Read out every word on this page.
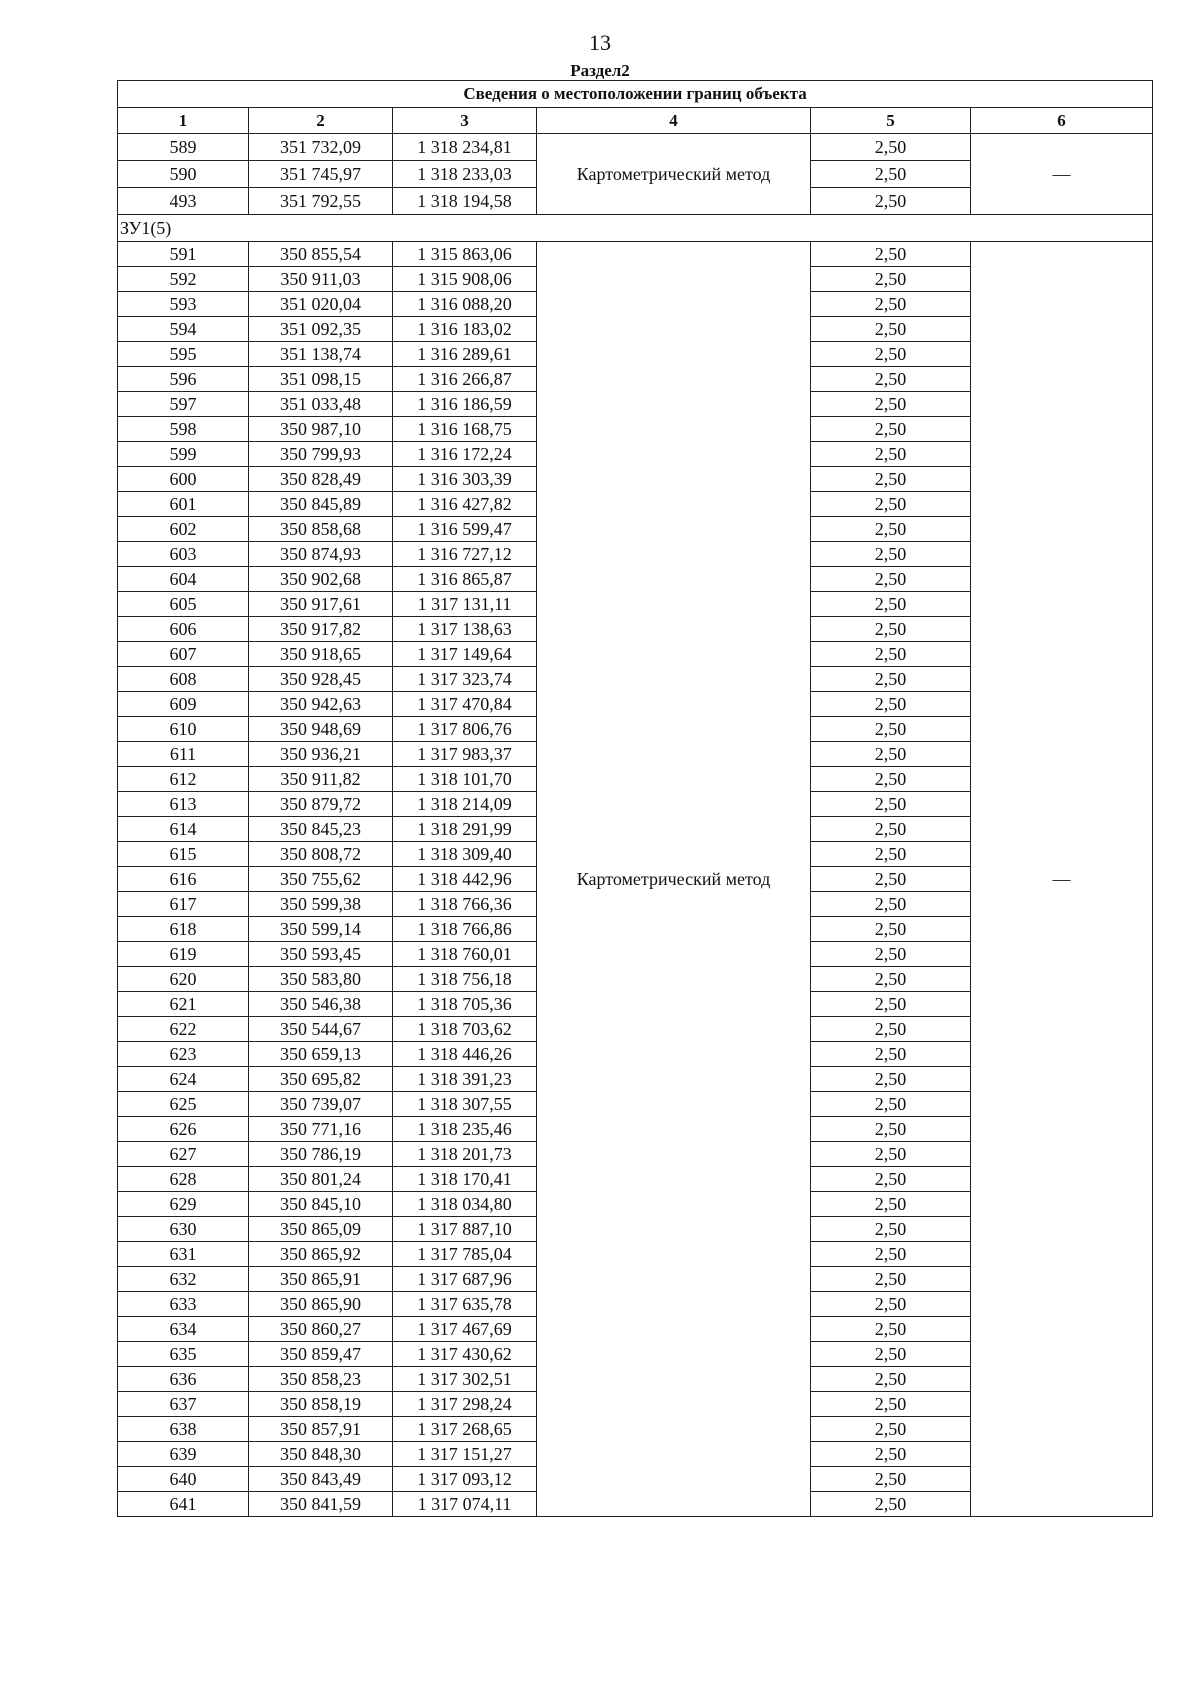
13
Раздел2
Сведения о местоположении границ объекта					
1	2	3	4	5	6
589	351 732,09	1 318 234,81	Картометрический метод	2,50	—
590	351 745,97	1 318 233,03		2,50	
493	351 792,55	1 318 194,58		2,50	
ЗУ1(5)					
591	350 855,54	1 315 863,06	Картометрический метод	2,50	—
592	350 911,03	1 315 908,06		2,50	
593	351 020,04	1 316 088,20		2,50	
594	351 092,35	1 316 183,02		2,50	
595	351 138,74	1 316 289,61		2,50	
596	351 098,15	1 316 266,87		2,50	
597	351 033,48	1 316 186,59		2,50	
598	350 987,10	1 316 168,75		2,50	
599	350 799,93	1 316 172,24		2,50	
600	350 828,49	1 316 303,39		2,50	
601	350 845,89	1 316 427,82		2,50	
602	350 858,68	1 316 599,47		2,50	
603	350 874,93	1 316 727,12		2,50	
604	350 902,68	1 316 865,87		2,50	
605	350 917,61	1 317 131,11		2,50	
606	350 917,82	1 317 138,63		2,50	
607	350 918,65	1 317 149,64		2,50	
608	350 928,45	1 317 323,74		2,50	
609	350 942,63	1 317 470,84		2,50	
610	350 948,69	1 317 806,76		2,50	
611	350 936,21	1 317 983,37		2,50	
612	350 911,82	1 318 101,70		2,50	
613	350 879,72	1 318 214,09		2,50	
614	350 845,23	1 318 291,99		2,50	
615	350 808,72	1 318 309,40		2,50	
616	350 755,62	1 318 442,96		2,50	
617	350 599,38	1 318 766,36		2,50	
618	350 599,14	1 318 766,86		2,50	
619	350 593,45	1 318 760,01		2,50	
620	350 583,80	1 318 756,18		2,50	
621	350 546,38	1 318 705,36		2,50	
622	350 544,67	1 318 703,62		2,50	
623	350 659,13	1 318 446,26		2,50	
624	350 695,82	1 318 391,23		2,50	
625	350 739,07	1 318 307,55		2,50	
626	350 771,16	1 318 235,46		2,50	
627	350 786,19	1 318 201,73		2,50	
628	350 801,24	1 318 170,41		2,50	
629	350 845,10	1 318 034,80		2,50	
630	350 865,09	1 317 887,10		2,50	
631	350 865,92	1 317 785,04		2,50	
632	350 865,91	1 317 687,96		2,50	
633	350 865,90	1 317 635,78		2,50	
634	350 860,27	1 317 467,69		2,50	
635	350 859,47	1 317 430,62		2,50	
636	350 858,23	1 317 302,51		2,50	
637	350 858,19	1 317 298,24		2,50	
638	350 857,91	1 317 268,65		2,50	
639	350 848,30	1 317 151,27		2,50	
640	350 843,49	1 317 093,12		2,50	
641	350 841,59	1 317 074,11		2,50	
